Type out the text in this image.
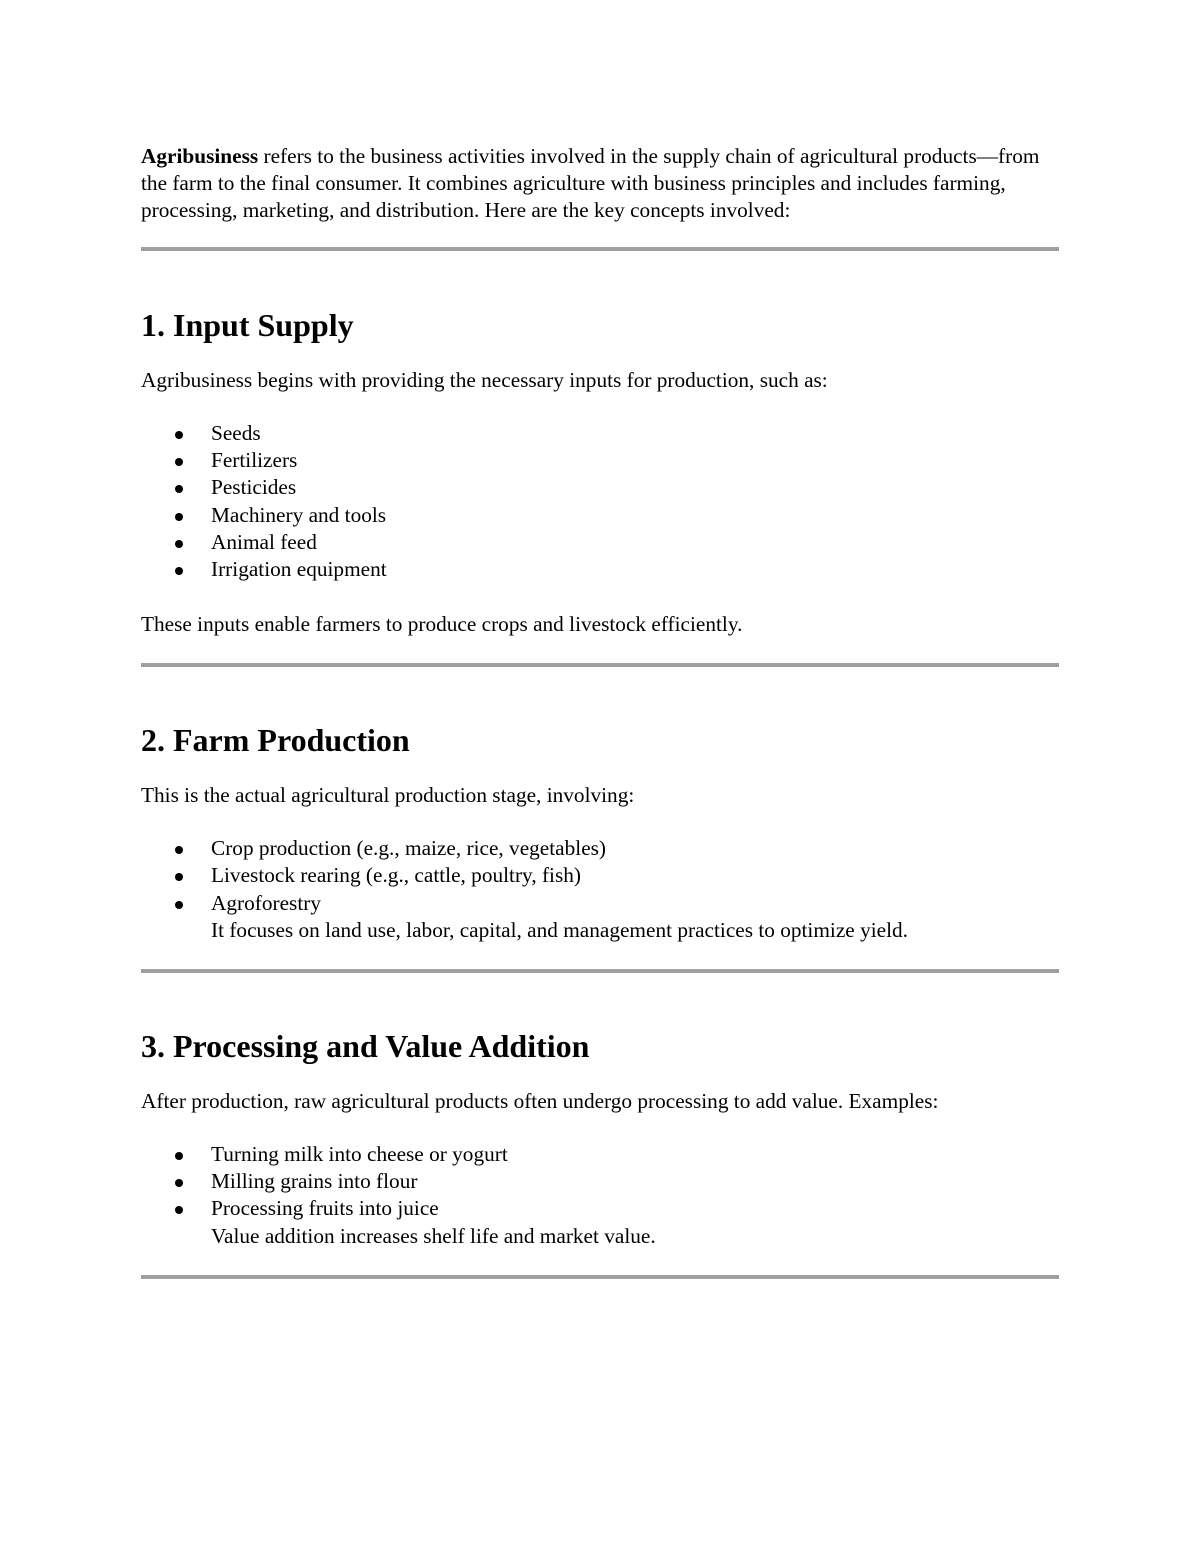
Agribusiness refers to the business activities involved in the supply chain of agricultural products—from the farm to the final consumer. It combines agriculture with business principles and includes farming, processing, marketing, and distribution. Here are the key concepts involved:

1. Input Supply

Agribusiness begins with providing the necessary inputs for production, such as:

Seeds
Fertilizers
Pesticides
Machinery and tools
Animal feed
Irrigation equipment

These inputs enable farmers to produce crops and livestock efficiently.

2. Farm Production

This is the actual agricultural production stage, involving:

Crop production (e.g., maize, rice, vegetables)
Livestock rearing (e.g., cattle, poultry, fish)
Agroforestry
It focuses on land use, labor, capital, and management practices to optimize yield.
3. Processing and Value Addition

After production, raw agricultural products often undergo processing to add value. Examples:

Turning milk into cheese or yogurt
Milling grains into flour
Processing fruits into juice
Value addition increases shelf life and market value.
